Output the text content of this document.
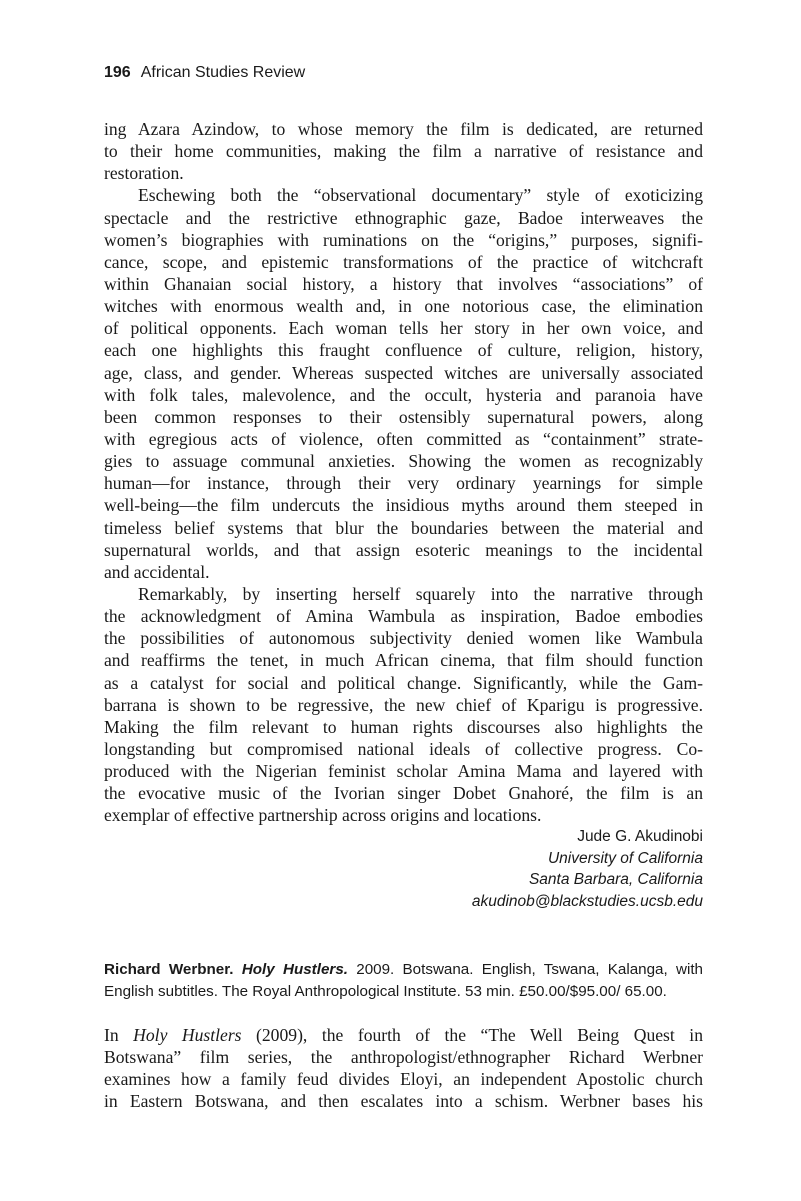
196 African Studies Review
ing Azara Azindow, to whose memory the film is dedicated, are returned
to their home communities, making the film a narrative of resistance and
restoration.
Eschewing both the “observational documentary” style of exoticizing
spectacle and the restrictive ethnographic gaze, Badoe interweaves the
women’s biographies with ruminations on the “origins,” purposes, signifi-
cance, scope, and epistemic transformations of the practice of witchcraft
within Ghanaian social history, a history that involves “associations” of
witches with enormous wealth and, in one notorious case, the elimination
of political opponents. Each woman tells her story in her own voice, and
each one highlights this fraught confluence of culture, religion, history,
age, class, and gender. Whereas suspected witches are universally associated
with folk tales, malevolence, and the occult, hysteria and paranoia have
been common responses to their ostensibly supernatural powers, along
with egregious acts of violence, often committed as “containment” strate-
gies to assuage communal anxieties. Showing the women as recognizably
human—for instance, through their very ordinary yearnings for simple
well-being—the film undercuts the insidious myths around them steeped in
timeless belief systems that blur the boundaries between the material and
supernatural worlds, and that assign esoteric meanings to the incidental
and accidental.
Remarkably, by inserting herself squarely into the narrative through
the acknowledgment of Amina Wambula as inspiration, Badoe embodies
the possibilities of autonomous subjectivity denied women like Wambula
and reaffirms the tenet, in much African cinema, that film should function
as a catalyst for social and political change. Significantly, while the Gam-
barrana is shown to be regressive, the new chief of Kparigu is progressive.
Making the film relevant to human rights discourses also highlights the
longstanding but compromised national ideals of collective progress. Co-
produced with the Nigerian feminist scholar Amina Mama and layered with
the evocative music of the Ivorian singer Dobet Gnahoré, the film is an
exemplar of effective partnership across origins and locations.
Jude G. Akudinobi
University of California
Santa Barbara, California
akudinob@blackstudies.ucsb.edu
Richard Werbner. Holy Hustlers. 2009. Botswana. English, Tswana, Kalanga, with
English subtitles. The Royal Anthropological Institute. 53 min. £50.00/$95.00/ 65.00.
In Holy Hustlers (2009), the fourth of the “The Well Being Quest in
Botswana” film series, the anthropologist/ethnographer Richard Werbner
examines how a family feud divides Eloyi, an independent Apostolic church
in Eastern Botswana, and then escalates into a schism. Werbner bases his
